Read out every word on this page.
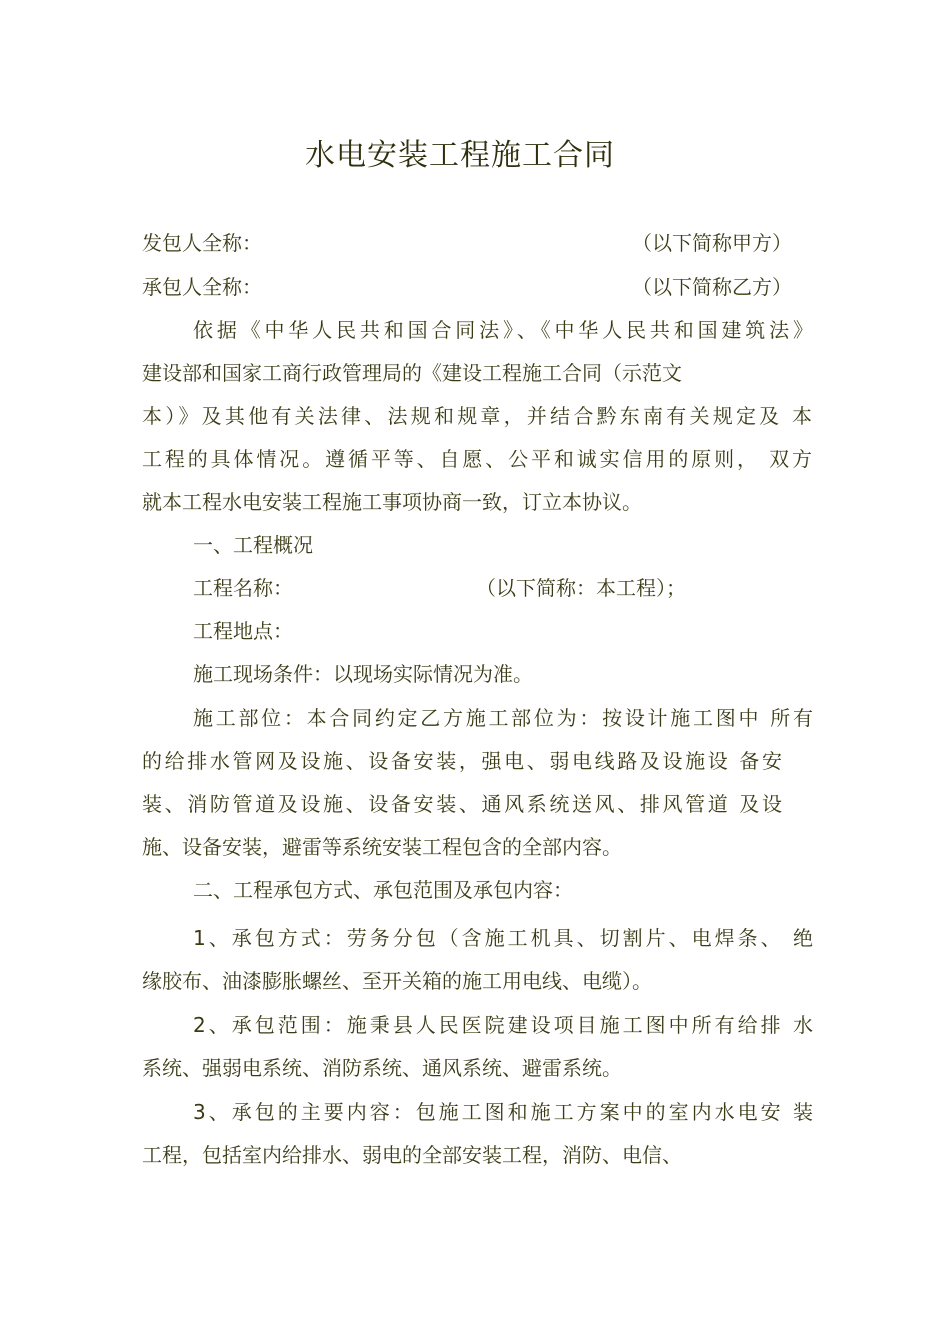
水电安装工程施工合同
发包人全称：	（以下简称甲方）
承包人全称：	（以下简称乙方）
依据《中华人民共和国合同法》、《中华人民共和国建筑法》
建设部和国家工商行政管理局的《建设工程施工合同（示范文
本）》及其他有关法律、法规和规章，并结合黔东南有关规定及 本
工程的具体情况。遵循平等、自愿、公平和诚实信用的原则， 双方
就本工程水电安装工程施工事项协商一致，订立本协议。
一、工程概况
工程名称：	（以下简称：本工程）；
工程地点：
施工现场条件：以现场实际情况为准。
施工部位：本合同约定乙方施工部位为：按设计施工图中 所有
的给排水管网及设施、设备安装，强电、弱电线路及设施设 备安
装、消防管道及设施、设备安装、通风系统送风、排风管道 及设
施、设备安装，避雷等系统安装工程包含的全部内容。
二、工程承包方式、承包范围及承包内容：
1、承包方式：劳务分包（含施工机具、切割片、电焊条、 绝
缘胶布、油漆膨胀螺丝、至开关箱的施工用电线、电缆）。
2、承包范围：施秉县人民医院建设项目施工图中所有给排 水
系统、强弱电系统、消防系统、通风系统、避雷系统。
3、承包的主要内容：包施工图和施工方案中的室内水电安 装
工程，包括室内给排水、弱电的全部安装工程，消防、电信、
